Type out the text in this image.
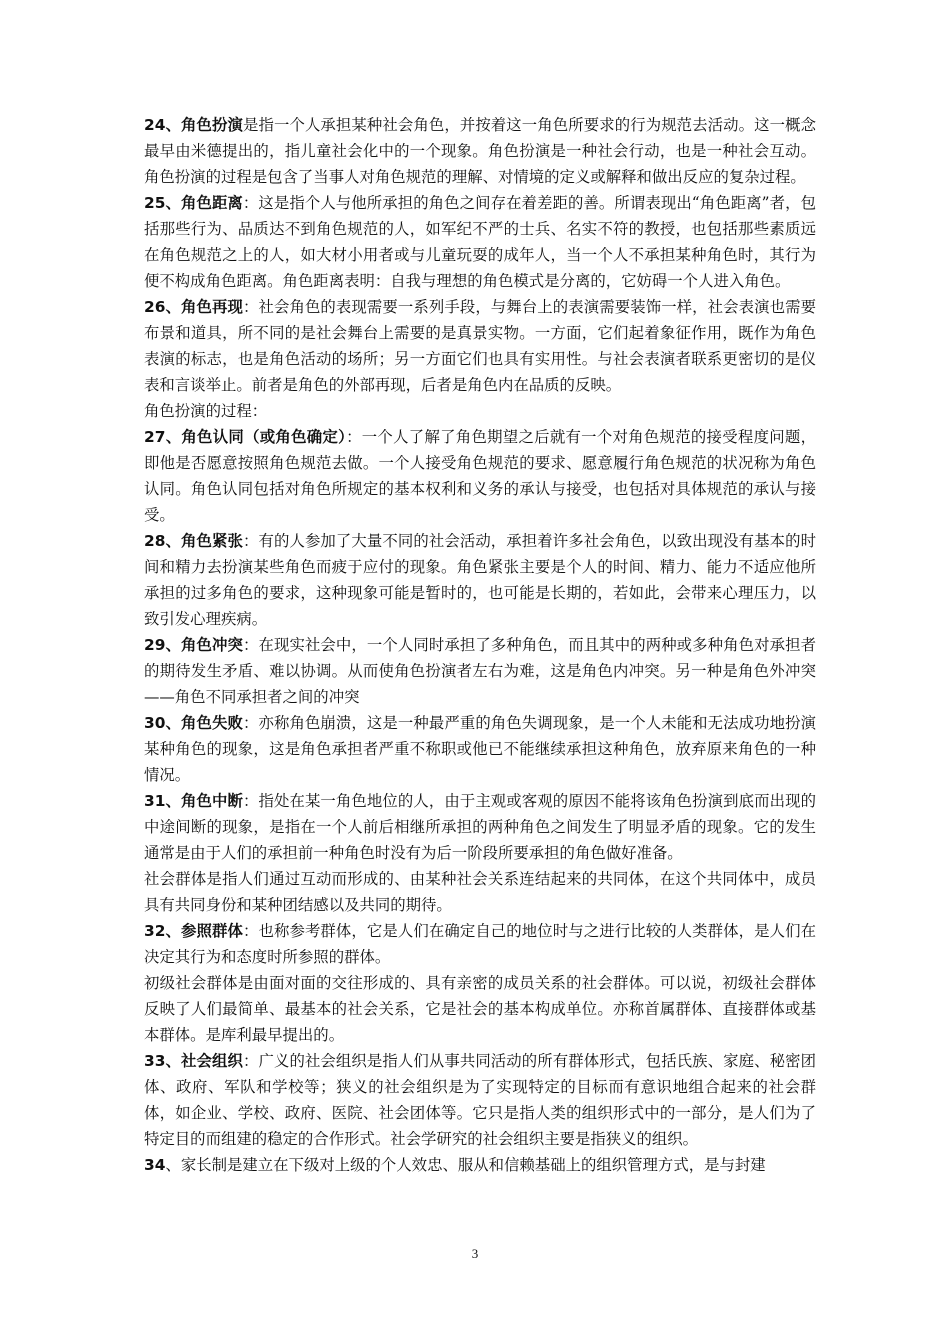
24、角色扮演是指一个人承担某种社会角色，并按着这一角色所要求的行为规范去活动。这一概念最早由米德提出的，指儿童社会化中的一个现象。角色扮演是一种社会行动，也是一种社会互动。角色扮演的过程是包含了当事人对角色规范的理解、对情境的定义或解释和做出反应的复杂过程。

25、角色距离：这是指个人与他所承担的角色之间存在着差距的善。所谓表现出“角色距离”者，包括那些行为、品质达不到角色规范的人，如军纪不严的士兵、名实不符的教授，也包括那些素质远在角色规范之上的人，如大材小用者或与儿童玩耍的成年人，当一个人不承担某种角色时，其行为便不构成角色距离。角色距离表明：自我与理想的角色模式是分离的，它妨碍一个人进入角色。

26、角色再现：社会角色的表现需要一系列手段，与舞台上的表演需要装饰一样，社会表演也需要布景和道具，所不同的是社会舞台上需要的是真景实物。一方面，它们起着象征作用，既作为角色表演的标志，也是角色活动的场所；另一方面它们也具有实用性。与社会表演者联系更密切的是仪表和言谈举止。前者是角色的外部再现，后者是角色内在品质的反映。

角色扮演的过程：

27、角色认同（或角色确定）：一个人了解了角色期望之后就有一个对角色规范的接受程度问题，即他是否愿意按照角色规范去做。一个人接受角色规范的要求、愿意履行角色规范的状况称为角色认同。角色认同包括对角色所规定的基本权利和义务的承认与接受，也包括对具体规范的承认与接受。

28、角色紧张：有的人参加了大量不同的社会活动，承担着许多社会角色，以致出现没有基本的时间和精力去扮演某些角色而疲于应付的现象。角色紧张主要是个人的时间、精力、能力不适应他所承担的过多角色的要求，这种现象可能是暂时的，也可能是长期的，若如此，会带来心理压力，以致引发心理疾病。

29、角色冲突：在现实社会中，一个人同时承担了多种角色，而且其中的两种或多种角色对承担者的期待发生矛盾、难以协调。从而使角色扮演者左右为难，这是角色内冲突。另一种是角色外冲突——角色不同承担者之间的冲突

30、角色失败：亦称角色崩溃，这是一种最严重的角色失调现象，是一个人未能和无法成功地扮演某种角色的现象，这是角色承担者严重不称职或他已不能继续承担这种角色，放弃原来角色的一种情况。

31、角色中断：指处在某一角色地位的人，由于主观或客观的原因不能将该角色扮演到底而出现的中途间断的现象，是指在一个人前后相继所承担的两种角色之间发生了明显矛盾的现象。它的发生通常是由于人们的承担前一种角色时没有为后一阶段所要承担的角色做好准备。

社会群体是指人们通过互动而形成的、由某种社会关系连结起来的共同体，在这个共同体中，成员具有共同身份和某种团结感以及共同的期待。

32、参照群体：也称参考群体，它是人们在确定自己的地位时与之进行比较的人类群体，是人们在决定其行为和态度时所参照的群体。

初级社会群体是由面对面的交往形成的、具有亲密的成员关系的社会群体。可以说，初级社会群体反映了人们最简单、最基本的社会关系，它是社会的基本构成单位。亦称首属群体、直接群体或基本群体。是库利最早提出的。

33、社会组织：广义的社会组织是指人们从事共同活动的所有群体形式，包括氏族、家庭、秘密团体、政府、军队和学校等；狭义的社会组织是为了实现特定的目标而有意识地组合起来的社会群体，如企业、学校、政府、医院、社会团体等。它只是指人类的组织形式中的一部分，是人们为了特定目的而组建的稳定的合作形式。社会学研究的社会组织主要是指狭义的组织。

34、家长制是建立在下级对上级的个人效忠、服从和信赖基础上的组织管理方式，是与封建

3
